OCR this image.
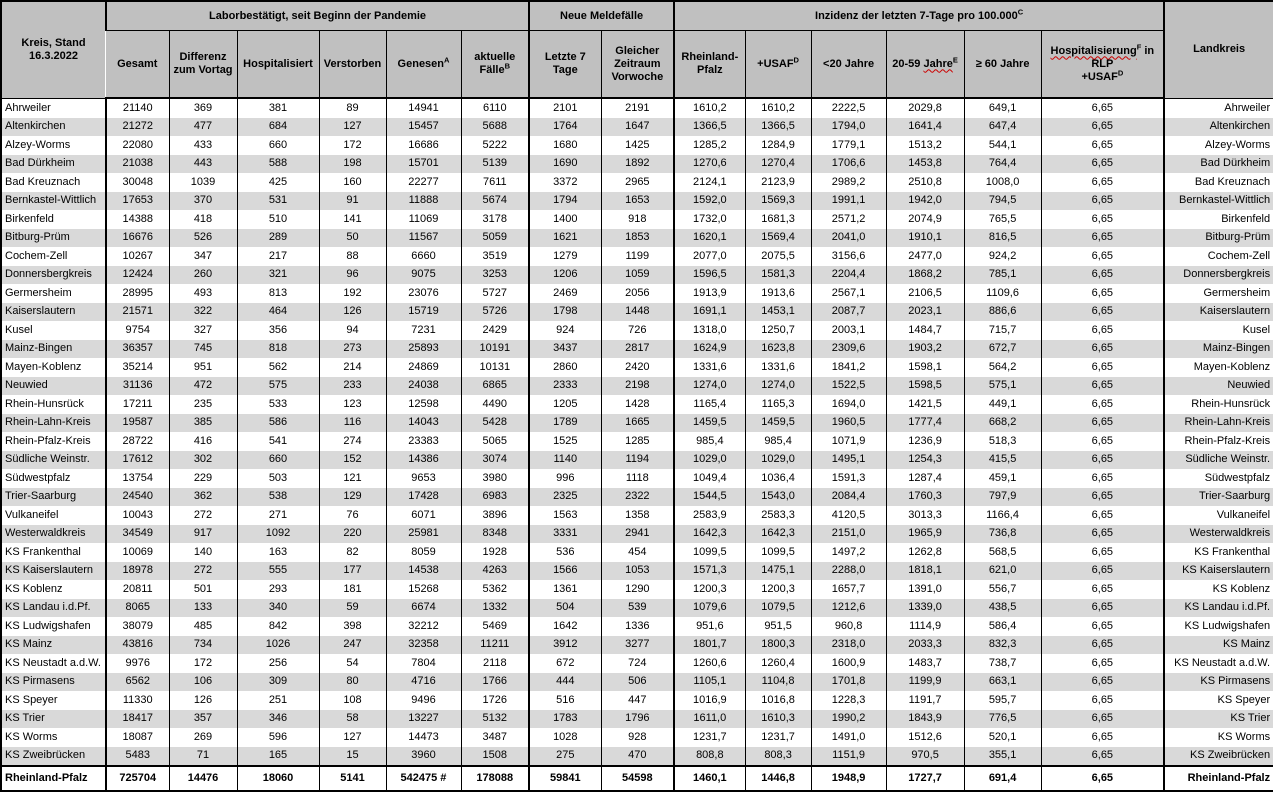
Kreis, Stand 16.3.2022	Laborbestätigt, seit Beginn der Pandemie						Neue Meldefälle		Inzidenz der letzten 7-Tage pro $100.000^C$						Landkreis
	Gesamt	Differenz zum Vortag	Hospitalisiert	Verstorben	Genesen$^A$	aktuelle Fälle$^B$	Letzte 7 Tage	Gleicher Zeitraum Vorwoche	Rheinland-Pfalz	$+USAF^D$	<20 Jahre	20-59 Jahre$^E$	≥ 60 Jahre	Hospitalisierung$^F$ in
RLP
$+USAF^D$
Ahrweiler	21140	369	381	89	14941	6110	2101	2191	1610,2	1610,2	2222,5	2029,8	649,1	6,65	Ahrweiler
Altenkirchen	21272	477	684	127	15457	5688	1764	1647	1366,5	1366,5	1794,0	1641,4	647,4	6,65	Altenkirchen
Alzey-Worms	22080	433	660	172	16686	5222	1680	1425	1285,2	1284,9	1779,1	1513,2	544,1	6,65	Alzey-Worms
Bad Dürkheim	21038	443	588	198	15701	5139	1690	1892	1270,6	1270,4	1706,6	1453,8	764,4	6,65	Bad Dürkheim
Bad Kreuznach	30048	1039	425	160	22277	7611	3372	2965	2124,1	2123,9	2989,2	2510,8	1008,0	6,65	Bad Kreuznach
Bernkastel-Wittlich	17653	370	531	91	11888	5674	1794	1653	1592,0	1569,3	1991,1	1942,0	794,5	6,65	Bernkastel-Wittlich
Birkenfeld	14388	418	510	141	11069	3178	1400	918	1732,0	1681,3	2571,2	2074,9	765,5	6,65	Birkenfeld
Bitburg-Prüm	16676	526	289	50	11567	5059	1621	1853	1620,1	1569,4	2041,0	1910,1	816,5	6,65	Bitburg-Prüm
Cochem-Zell	10267	347	217	88	6660	3519	1279	1199	2077,0	2075,5	3156,6	2477,0	924,2	6,65	Cochem-Zell
Donnersbergkreis	12424	260	321	96	9075	3253	1206	1059	1596,5	1581,3	2204,4	1868,2	785,1	6,65	Donnersbergkreis
Germersheim	28995	493	813	192	23076	5727	2469	2056	1913,9	1913,6	2567,1	2106,5	1109,6	6,65	Germersheim
Kaiserslautern	21571	322	464	126	15719	5726	1798	1448	1691,1	1453,1	2087,7	2023,1	886,6	6,65	Kaiserslautern
Kusel	9754	327	356	94	7231	2429	924	726	1318,0	1250,7	2003,1	1484,7	715,7	6,65	Kusel
Mainz-Bingen	36357	745	818	273	25893	10191	3437	2817	1624,9	1623,8	2309,6	1903,2	672,7	6,65	Mainz-Bingen
Mayen-Koblenz	35214	951	562	214	24869	10131	2860	2420	1331,6	1331,6	1841,2	1598,1	564,2	6,65	Mayen-Koblenz
Neuwied	31136	472	575	233	24038	6865	2333	2198	1274,0	1274,0	1522,5	1598,5	575,1	6,65	Neuwied
Rhein-Hunsrück	17211	235	533	123	12598	4490	1205	1428	1165,4	1165,3	1694,0	1421,5	449,1	6,65	Rhein-Hunsrück
Rhein-Lahn-Kreis	19587	385	586	116	14043	5428	1789	1665	1459,5	1459,5	1960,5	1777,4	668,2	6,65	Rhein-Lahn-Kreis
Rhein-Pfalz-Kreis	28722	416	541	274	23383	5065	1525	1285	985,4	985,4	1071,9	1236,9	518,3	6,65	Rhein-Pfalz-Kreis
Südliche Weinstr.	17612	302	660	152	14386	3074	1140	1194	1029,0	1029,0	1495,1	1254,3	415,5	6,65	Südliche Weinstr.
Südwestpfalz	13754	229	503	121	9653	3980	996	1118	1049,4	1036,4	1591,3	1287,4	459,1	6,65	Südwestpfalz
Trier-Saarburg	24540	362	538	129	17428	6983	2325	2322	1544,5	1543,0	2084,4	1760,3	797,9	6,65	Trier-Saarburg
Vulkaneifel	10043	272	271	76	6071	3896	1563	1358	2583,9	2583,3	4120,5	3013,3	1166,4	6,65	Vulkaneifel
Westerwaldkreis	34549	917	1092	220	25981	8348	3331	2941	1642,3	1642,3	2151,0	1965,9	736,8	6,65	Westerwaldkreis
KS Frankenthal	10069	140	163	82	8059	1928	536	454	1099,5	1099,5	1497,2	1262,8	568,5	6,65	KS Frankenthal
KS Kaiserslautern	18978	272	555	177	14538	4263	1566	1053	1571,3	1475,1	2288,0	1818,1	621,0	6,65	KS Kaiserslautern
KS Koblenz	20811	501	293	181	15268	5362	1361	1290	1200,3	1200,3	1657,7	1391,0	556,7	6,65	KS Koblenz
KS Landau i.d.Pf.	8065	133	340	59	6674	1332	504	539	1079,6	1079,5	1212,6	1339,0	438,5	6,65	KS Landau i.d.Pf.
KS Ludwigshafen	38079	485	842	398	32212	5469	1642	1336	951,6	951,5	960,8	1114,9	586,4	6,65	KS Ludwigshafen
KS Mainz	43816	734	1026	247	32358	11211	3912	3277	1801,7	1800,3	2318,0	2033,3	832,3	6,65	KS Mainz
KS Neustadt a.d.W.	9976	172	256	54	7804	2118	672	724	1260,6	1260,4	1600,9	1483,7	738,7	6,65	KS Neustadt a.d.W.
KS Pirmasens	6562	106	309	80	4716	1766	444	506	1105,1	1104,8	1701,8	1199,9	663,1	6,65	KS Pirmasens
KS Speyer	11330	126	251	108	9496	1726	516	447	1016,9	1016,8	1228,3	1191,7	595,7	6,65	KS Speyer
KS Trier	18417	357	346	58	13227	5132	1783	1796	1611,0	1610,3	1990,2	1843,9	776,5	6,65	KS Trier
KS Worms	18087	269	596	127	14473	3487	1028	928	1231,7	1231,7	1491,0	1512,6	520,1	6,65	KS Worms
KS Zweibrücken	5483	71	165	15	3960	1508	275	470	808,8	808,3	1151,9	970,5	355,1	6,65	KS Zweibrücken
Rheinland-Pfalz	725704	14476	18060	5141	542475 #	178088	59841	54598	1460,1	1446,8	1948,9	1727,7	691,4	6,65	Rheinland-Pfalz
